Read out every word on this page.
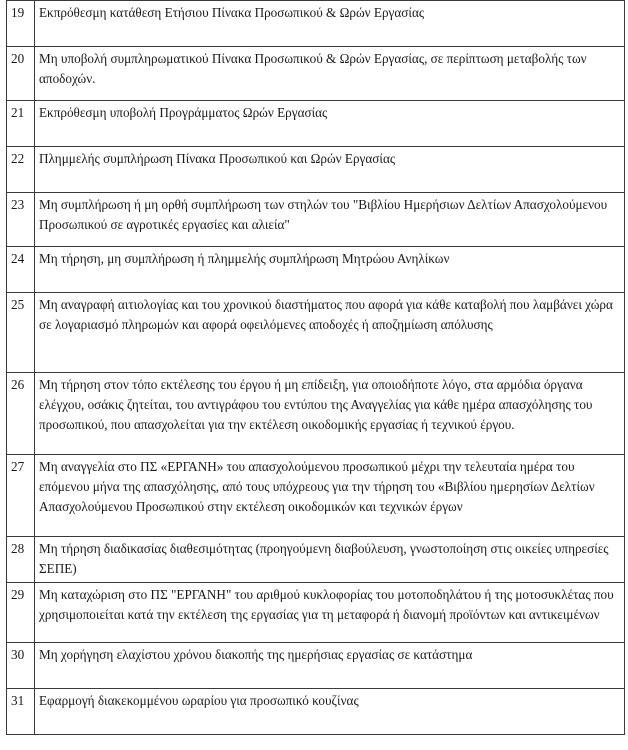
19	Εκπρόθεσμη κατάθεση Ετήσιου Πίνακα Προσωπικού & Ωρών Εργασίας
20	Μη υποβολή συμπληρωματικού Πίνακα Προσωπικού & Ωρών Εργασίας, σε περίπτωση μεταβολής των αποδοχών.
21	Εκπρόθεσμη υποβολή Προγράμματος Ωρών Εργασίας
22	Πλημμελής συμπλήρωση Πίνακα Προσωπικού και Ωρών Εργασίας
23	Μη συμπλήρωση ή μη ορθή συμπλήρωση των στηλών του "Βιβλίου Ημερήσιων Δελτίων Απασχολούμενου Προσωπικού σε αγροτικές εργασίες και αλιεία"
24	Μη τήρηση, μη συμπλήρωση ή πλημμελής συμπλήρωση Μητρώου Ανηλίκων
25	Μη αναγραφή αιτιολογίας και του χρονικού διαστήματος που αφορά για κάθε καταβολή που λαμβάνει χώρα σε λογαριασμό πληρωμών και αφορά οφειλόμενες αποδοχές ή αποζημίωση απόλυσης
26	Μη τήρηση στον τόπο εκτέλεσης του έργου ή μη επίδειξη, για οποιοδήποτε λόγο, στα αρμόδια όργανα ελέγχου, οσάκις ζητείται, του αντιγράφου του εντύπου της Αναγγελίας για κάθε ημέρα απασχόλησης του προσωπικού, που απασχολείται για την εκτέλεση οικοδομικής εργασίας ή τεχνικού έργου.
27	Μη αναγγελία στο ΠΣ «ΕΡΓΑΝΗ» του απασχολούμενου προσωπικού μέχρι την τελευταία ημέρα του επόμενου μήνα της απασχόλησης, από τους υπόχρεους για την τήρηση του «Βιβλίου ημερησίων Δελτίων Απασχολούμενου Προσωπικού στην εκτέλεση οικοδομικών και τεχνικών έργων
28	Μη τήρηση διαδικασίας διαθεσιμότητας (προηγούμενη διαβούλευση, γνωστοποίηση στις οικείες υπηρεσίες ΣΕΠΕ)
29	Μη καταχώριση στο ΠΣ "ΕΡΓΑΝΗ" του αριθμού κυκλοφορίας του μοτοποδηλάτου ή της μοτοσυκλέτας που χρησιμοποιείται κατά την εκτέλεση της εργασίας για τη μεταφορά ή διανομή προϊόντων και αντικειμένων
30	Μη χορήγηση ελαχίστου χρόνου διακοπής της ημερήσιας εργασίας σε κατάστημα
31	Εφαρμογή διακεκομμένου ωραρίου για προσωπικό κουζίνας
